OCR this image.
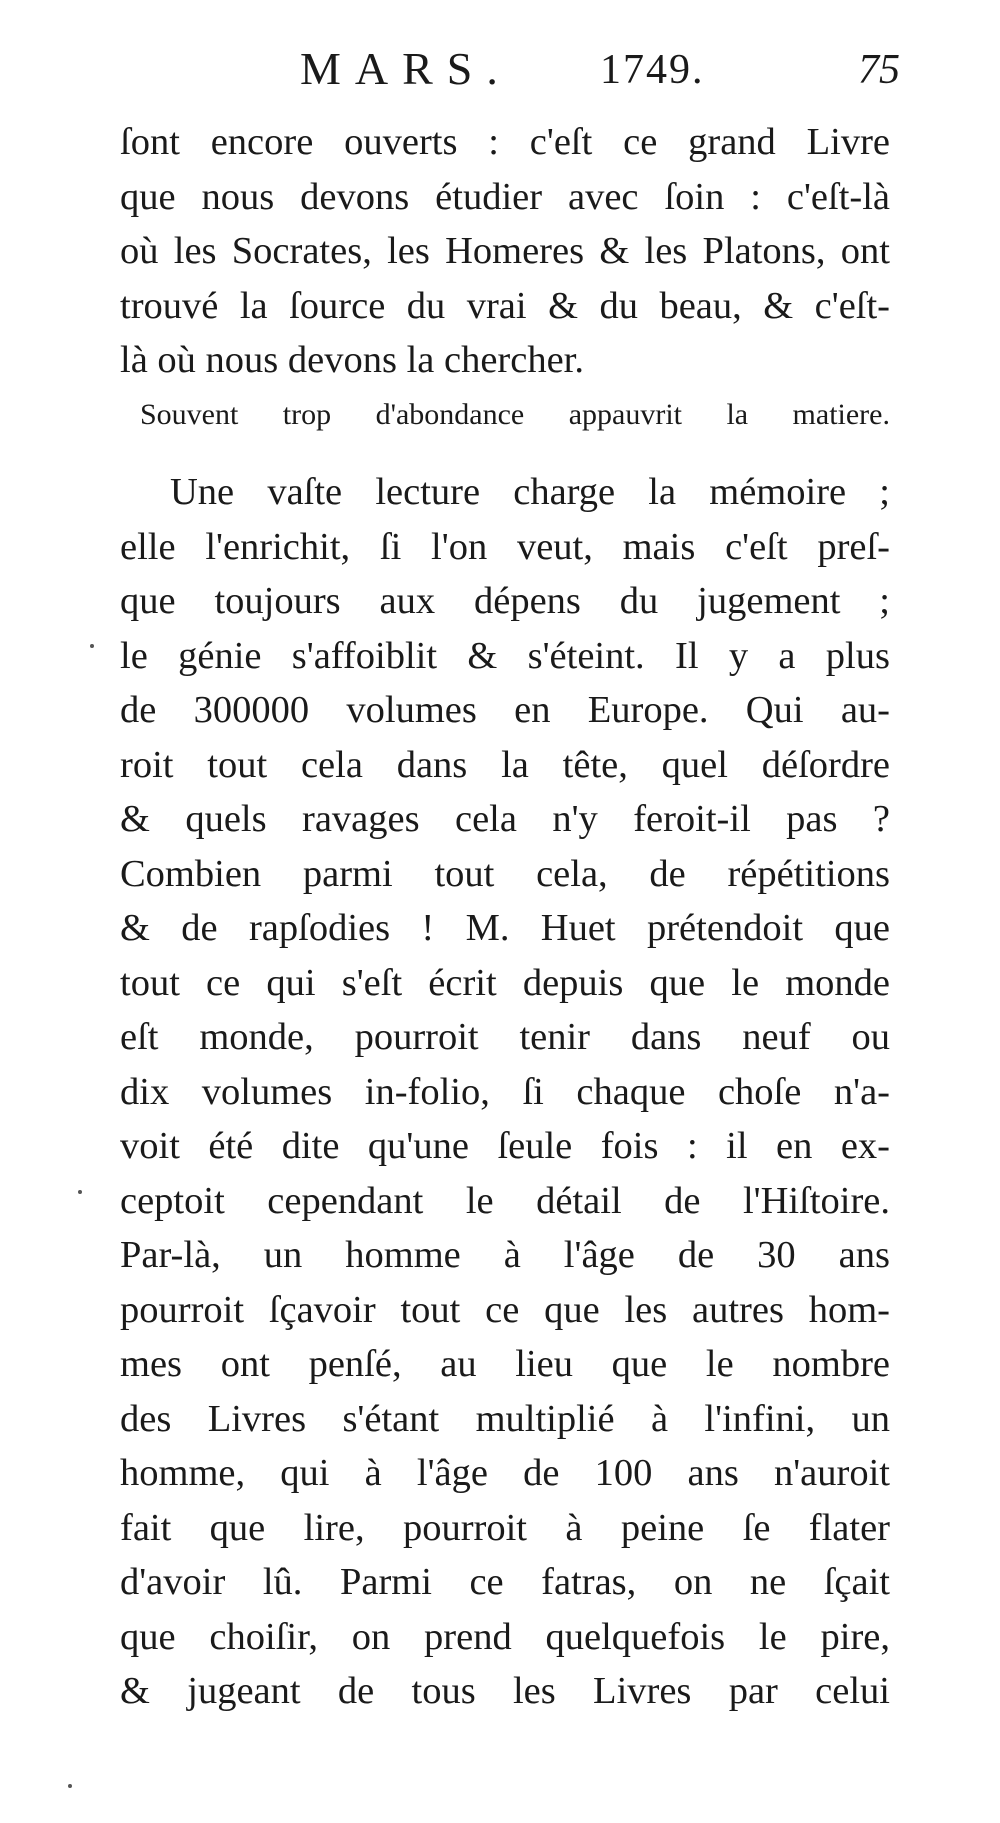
MARS. 1749.	75
ſont encore ouverts : c'eſt ce grand Livre
que nous devons étudier avec ſoin : c'eſt-là
où les Socrates, les Homeres & les Platons, ont
trouvé la ſource du vrai & du beau, & c'eſt-
là où nous devons la chercher.
Souvent trop d'abondance appauvrit la matiere.
Une vaſte lecture charge la mémoire ;
elle l'enrichit, ſi l'on veut, mais c'eſt preſ-
que toujours aux dépens du jugement ;
le génie s'affoiblit & s'éteint. Il y a plus
de 300000 volumes en Europe. Qui au-
roit tout cela dans la tête, quel déſordre
& quels ravages cela n'y feroit-il pas ?
Combien parmi tout cela, de répétitions
& de rapſodies ! M. Huet prétendoit que
tout ce qui s'eſt écrit depuis que le monde
eſt monde, pourroit tenir dans neuf ou
dix volumes in-folio, ſi chaque choſe n'a-
voit été dite qu'une ſeule fois : il en ex-
ceptoit cependant le détail de l'Hiſtoire.
Par-là, un homme à l'âge de 30 ans
pourroit ſçavoir tout ce que les autres hom-
mes ont penſé, au lieu que le nombre
des Livres s'étant multiplié à l'infini, un
homme, qui à l'âge de 100 ans n'auroit
fait que lire, pourroit à peine ſe flater
d'avoir lû. Parmi ce fatras, on ne ſçait
que choiſir, on prend quelquefois le pire,
& jugeant de tous les Livres par celui
